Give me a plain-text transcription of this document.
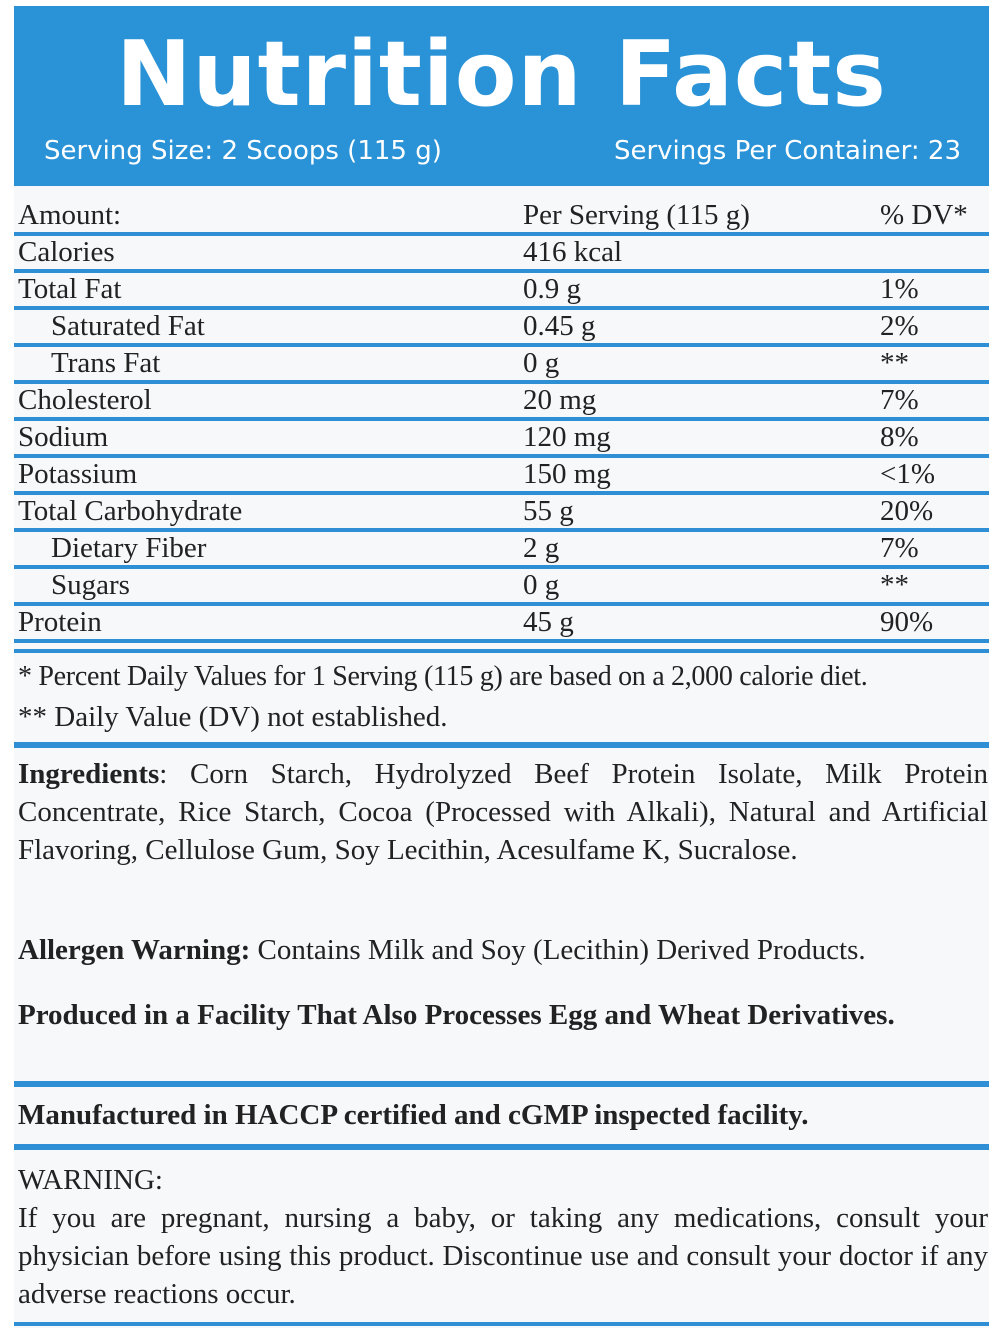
Nutrition Facts
Serving Size: 2 Scoops (115 g)	Servings Per Container: 23
Amount:	Per Serving (115 g)	% DV*
Calories	416 kcal
Total Fat	0.9 g	1%
Saturated Fat	0.45 g	2%
Trans Fat	0 g	**
Cholesterol	20 mg	7%
Sodium	120 mg	8%
Potassium	150 mg	<1%
Total Carbohydrate	55 g	20%
Dietary Fiber	2 g	7%
Sugars	0 g	**
Protein	45 g	90%
* Percent Daily Values for 1 Serving (115 g) are based on a 2,000 calorie diet.
** Daily Value (DV) not established.
Ingredients: Corn Starch, Hydrolyzed Beef Protein Isolate, Milk Protein Concentrate, Rice Starch, Cocoa (Processed with Alkali), Natural and Artificial Flavoring, Cellulose Gum, Soy Lecithin, Acesulfame K, Sucralose.
Allergen Warning: Contains Milk and Soy (Lecithin) Derived Products.
Produced in a Facility That Also Processes Egg and Wheat Derivatives.
Manufactured in HACCP certified and cGMP inspected facility.
WARNING:
If you are pregnant, nursing a baby, or taking any medications, consult your physician before using this product. Discontinue use and consult your doctor if any adverse reactions occur.
